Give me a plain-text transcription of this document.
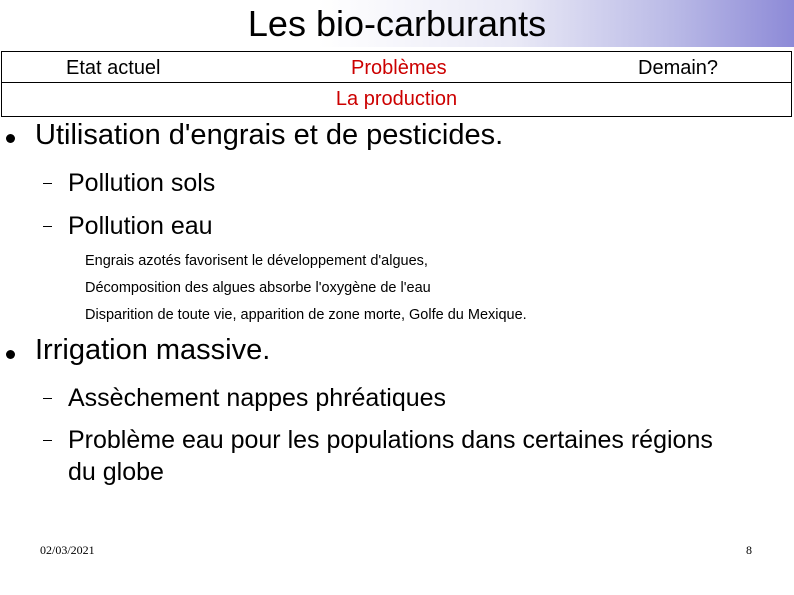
Les bio-carburants
Etat actuel	Problèmes	Demain?
La production
Utilisation d'engrais et de pesticides.
Pollution sols
Pollution eau
Engrais azotés favorisent le développement d'algues,
Décomposition des algues absorbe l'oxygène de l'eau
Disparition de toute vie, apparition de zone morte, Golfe du Mexique.
Irrigation massive.
Assèchement nappes phréatiques
Problème eau pour les populations dans certaines régions
du globe
02/03/2021	8
